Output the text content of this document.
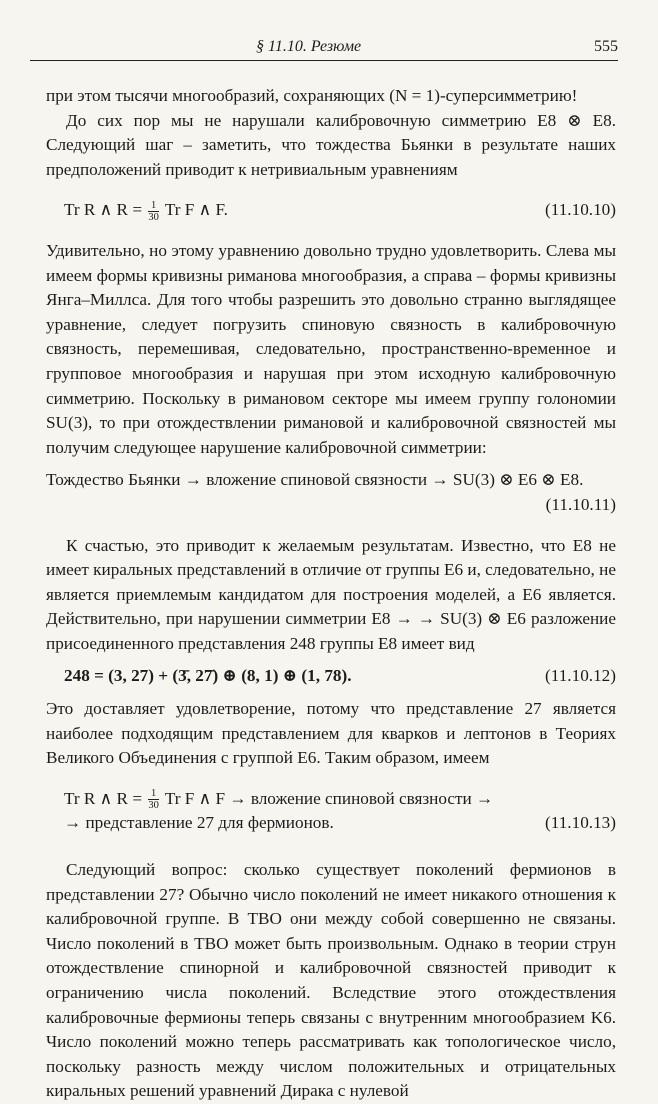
§ 11.10. Резюме	555

при этом тысячи многообразий, сохраняющих (N = 1)-суперсимметрию!

До сих пор мы не нарушали калибровочную симметрию E8 ⊗ E8. Следующий шаг – заметить, что тождества Бьянки в результате наших предположений приводит к нетривиальным уравнениям

Tr R ∧ $R = \frac{1}{30}$ Tr F ∧ F.	(11.10.10)

Удивительно, но этому уравнению довольно трудно удовлетворить. Слева мы имеем формы кривизны риманова многообразия, а справа – формы кривизны Янга–Миллса. Для того чтобы разрешить это довольно странно выглядящее уравнение, следует погрузить спиновую связность в калибровочную связность, перемешивая, следовательно, пространственно-временное и групповое многообразия и нарушая при этом исходную калибровочную симметрию. Поскольку в римановом секторе мы имеем группу голономии SU(3), то при отождествлении римановой и калибровочной связностей мы получим следующее нарушение калибровочной симметрии:

Тождество Бьянки → вложение спиновой связности → SU(3) ⊗ E6 ⊗ E8.
(11.10.11)

К счастью, это приводит к желаемым результатам. Известно, что E8 не имеет киральных представлений в отличие от группы E6 и, следовательно, не является приемлемым кандидатом для построения моделей, а E6 является. Действительно, при нарушении симметрии E8 → → SU(3) ⊗ E6 разложение присоединенного представления 248 группы E8 имеет вид

248 = (3, 27) + (3̄, 27̄) ⊕ (8, 1) ⊕ (1, 78).	(11.10.12)

Это доставляет удовлетворение, потому что представление 27 является наиболее подходящим представлением для кварков и лептонов в Теориях Великого Объединения с группой E6. Таким образом, имеем

Tr R ∧ $R = \frac{1}{30}$ Tr F ∧ F → вложение спиновой связности →
→ представление 27 для фермионов.	(11.10.13)

Следующий вопрос: сколько существует поколений фермионов в представлении 27? Обычно число поколений не имеет никакого отношения к калибровочной группе. В ТВО они между собой совершенно не связаны. Число поколений в ТВО может быть произвольным. Однако в теории струн отождествление спинорной и калибровочной связностей приводит к ограничению числа поколений. Вследствие этого отождествления калибровочные фермионы теперь связаны с внутренним многообразием K6. Число поколений можно теперь рассматривать как топологическое число, поскольку разность между числом положительных и отрицательных киральных решений уравнений Дирака с нулевой
